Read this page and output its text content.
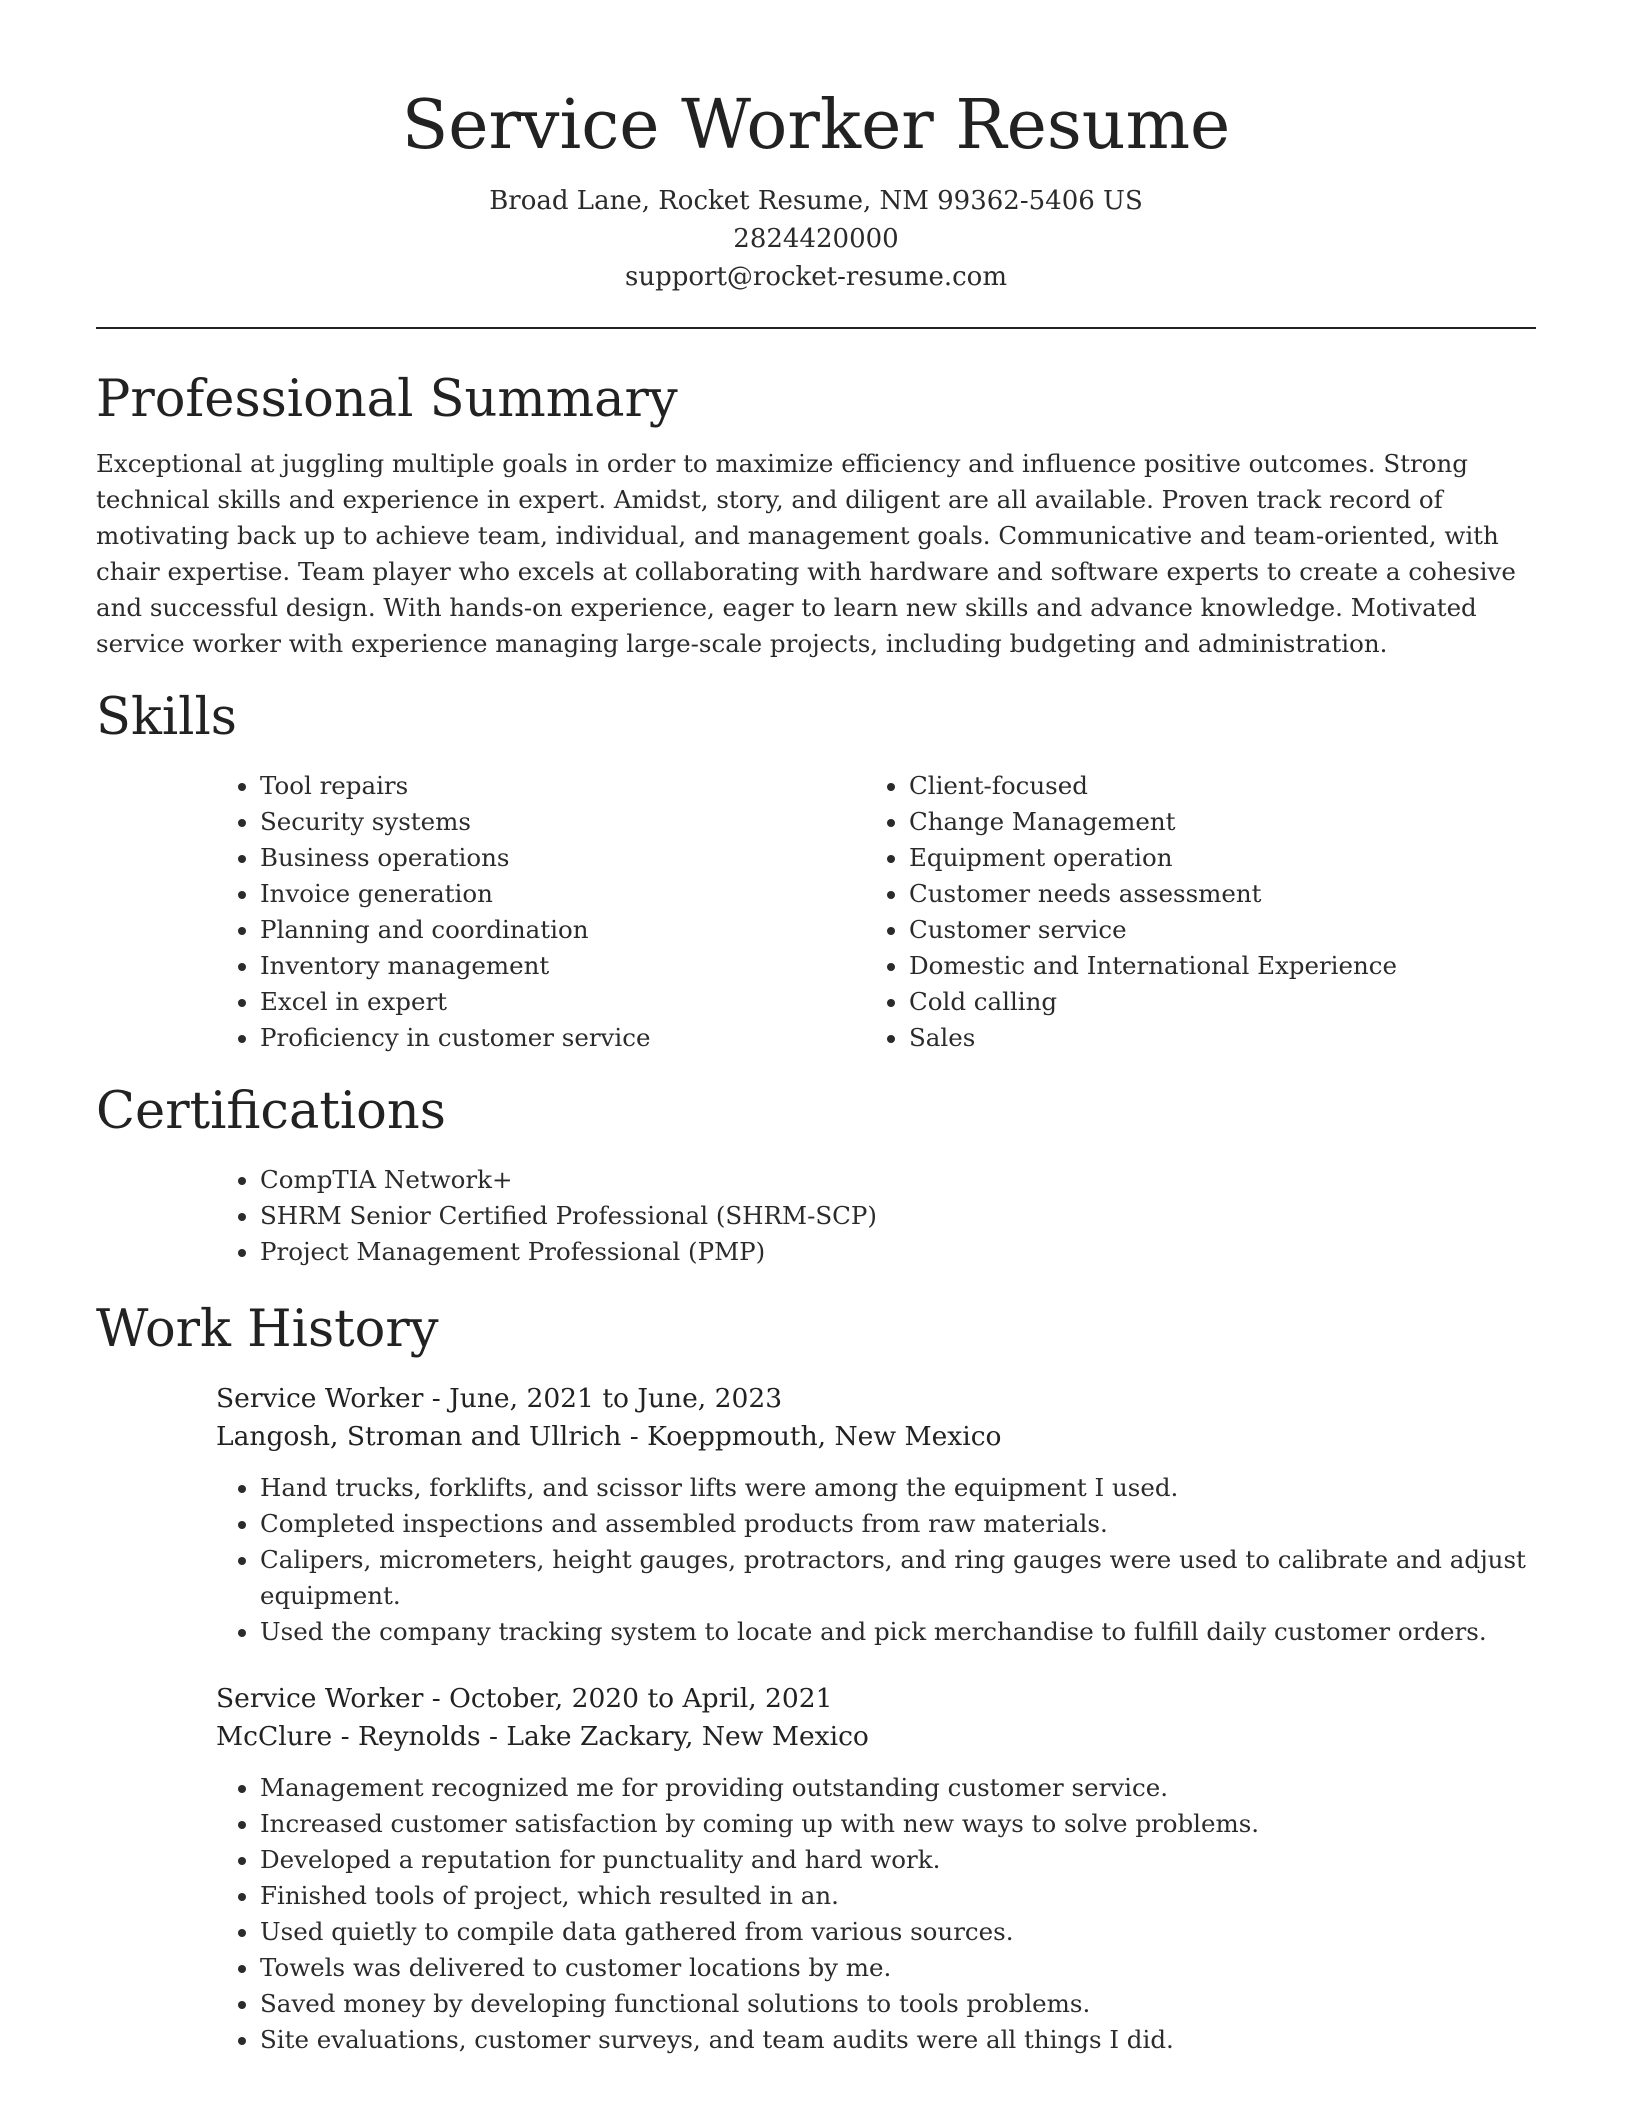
Service Worker Resume
Broad Lane, Rocket Resume, NM 99362-5406 US
2824420000
support@rocket-resume.com
Professional Summary

Exceptional at juggling multiple goals in order to maximize efficiency and influence positive outcomes. Strong technical skills and experience in expert. Amidst, story, and diligent are all available. Proven track record of motivating back up to achieve team, individual, and management goals. Communicative and team-oriented, with chair expertise. Team player who excels at collaborating with hardware and software experts to create a cohesive and successful design. With hands-on experience, eager to learn new skills and advance knowledge. Motivated service worker with experience managing large-scale projects, including budgeting and administration.

Skills
• Tool repairs
• Security systems
• Business operations
• Invoice generation
• Planning and coordination
• Inventory management
• Excel in expert
• Proficiency in customer service
• Client-focused
• Change Management
• Equipment operation
• Customer needs assessment
• Customer service
• Domestic and International Experience
• Cold calling
• Sales
Certifications
• CompTIA Network+
• SHRM Senior Certified Professional (SHRM-SCP)
• Project Management Professional (PMP)
Work History
Service Worker - June, 2021 to June, 2023
Langosh, Stroman and Ullrich - Koeppmouth, New Mexico
• Hand trucks, forklifts, and scissor lifts were among the equipment I used.
• Completed inspections and assembled products from raw materials.
• Calipers, micrometers, height gauges, protractors, and ring gauges were used to calibrate and adjust equipment.
• Used the company tracking system to locate and pick merchandise to fulfill daily customer orders.
Service Worker - October, 2020 to April, 2021
McClure - Reynolds - Lake Zackary, New Mexico
• Management recognized me for providing outstanding customer service.
• Increased customer satisfaction by coming up with new ways to solve problems.
• Developed a reputation for punctuality and hard work.
• Finished tools of project, which resulted in an.
• Used quietly to compile data gathered from various sources.
• Towels was delivered to customer locations by me.
• Saved money by developing functional solutions to tools problems.
• Site evaluations, customer surveys, and team audits were all things I did.
